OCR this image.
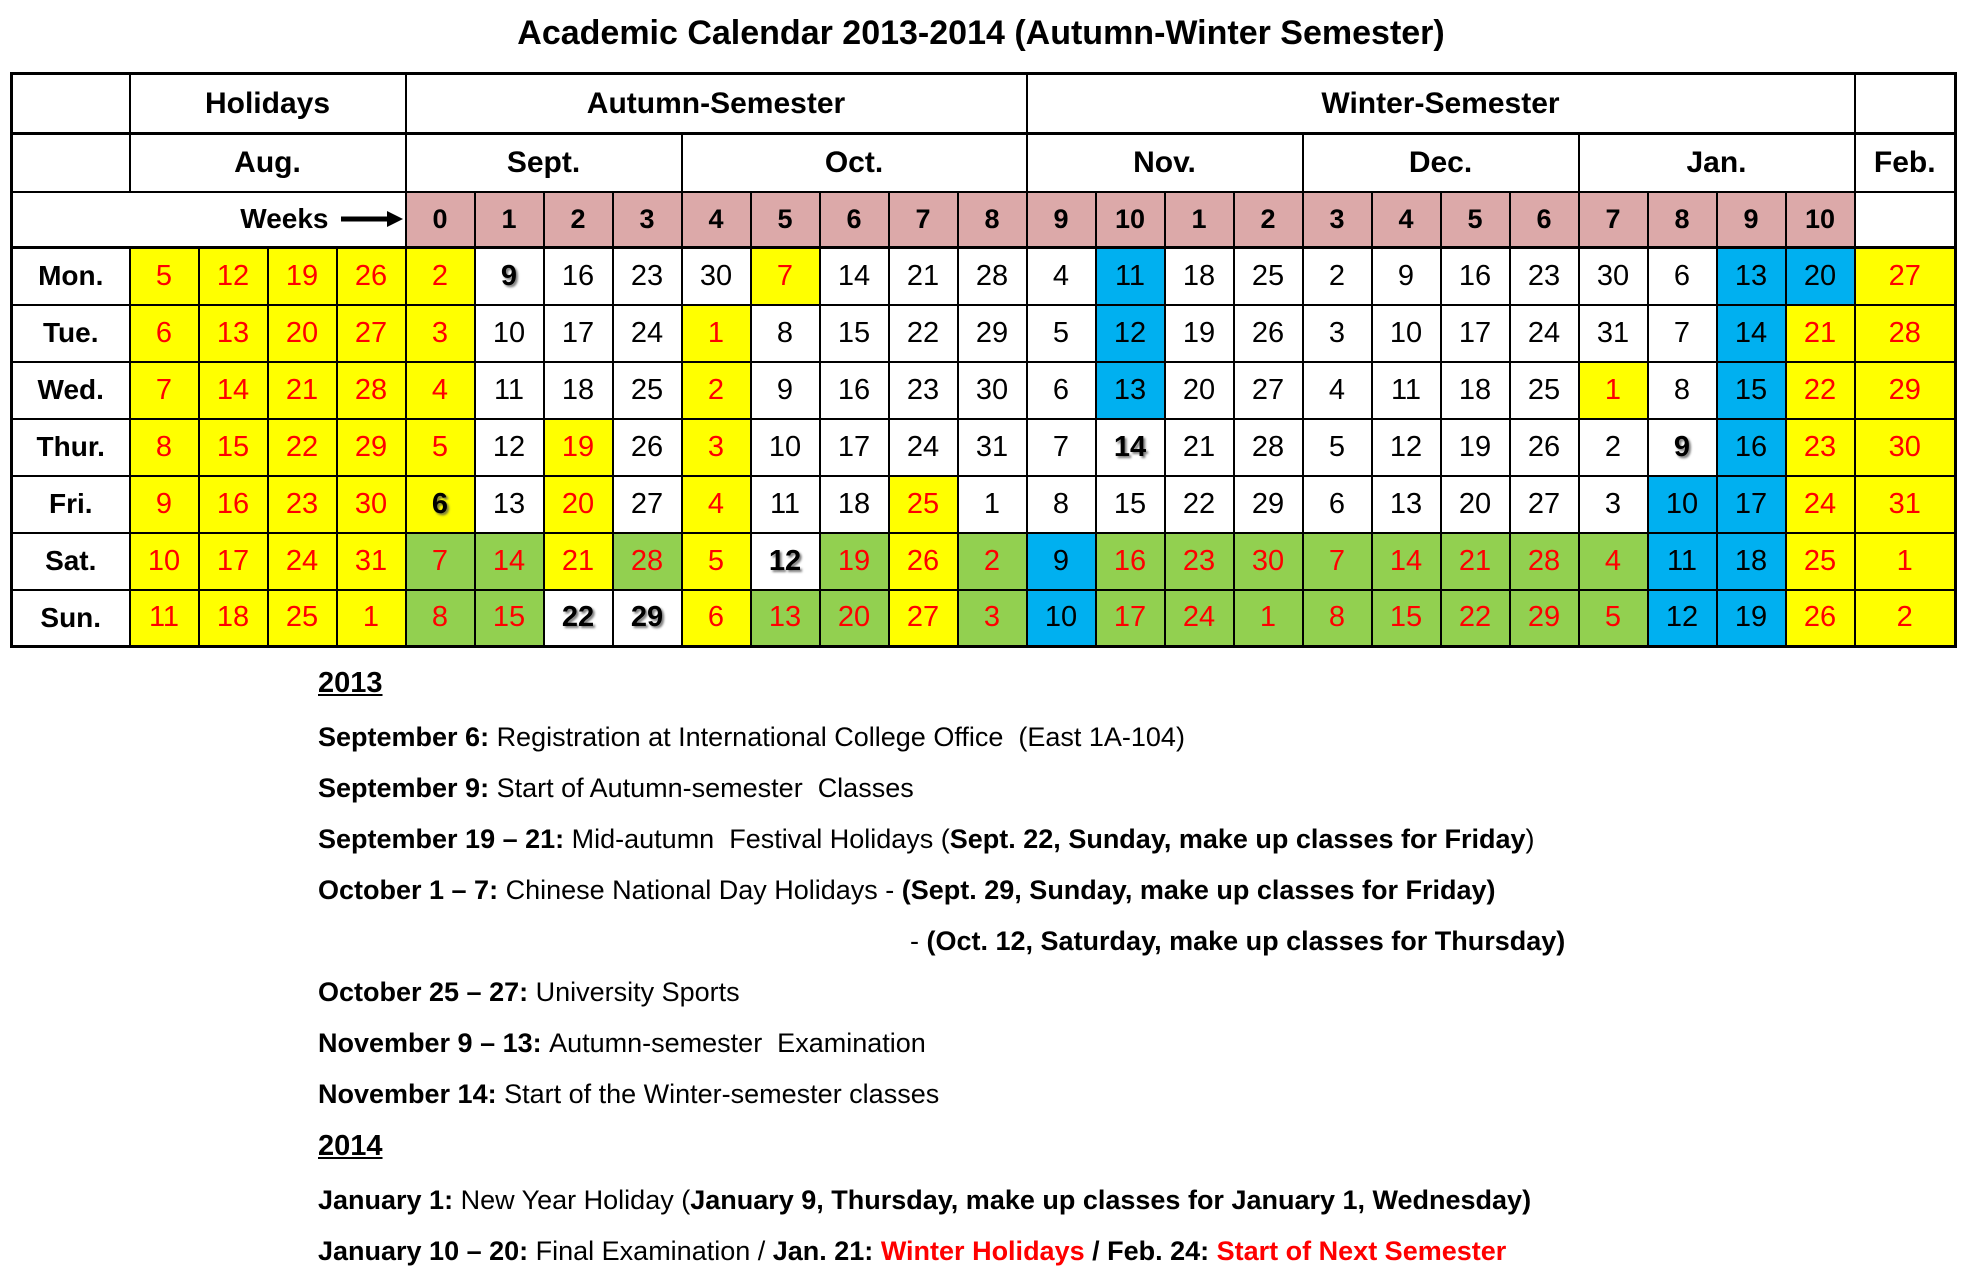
Academic Calendar 2013-2014 (Autumn-Winter Semester)
	Holidays				Autumn-Semester									Winter-Semester												
	Aug.				Sept.				Oct.					Nov.				Dec.				Jan.				Feb.

Weeks					0	1	2	3	4	5	6	7	8	9	10	1	2	3	4	5	6	7	8	9	10	
Mon.	5	12	19	26	2	9	16	23	30	7	14	21	28	4	11	18	25	2	9	16	23	30	6	13	20	27
Tue.	6	13	20	27	3	10	17	24	1	8	15	22	29	5	12	19	26	3	10	17	24	31	7	14	21	28
Wed.	7	14	21	28	4	11	18	25	2	9	16	23	30	6	13	20	27	4	11	18	25	1	8	15	22	29
Thur.	8	15	22	29	5	12	19	26	3	10	17	24	31	7	14	21	28	5	12	19	26	2	9	16	23	30
Fri.	9	16	23	30	6	13	20	27	4	11	18	25	1	8	15	22	29	6	13	20	27	3	10	17	24	31
Sat.	10	17	24	31	7	14	21	28	5	12	19	26	2	9	16	23	30	7	14	21	28	4	11	18	25	1
Sun.	11	18	25	1	8	15	22	29	6	13	20	27	3	10	17	24	1	8	15	22	29	5	12	19	26	2
2013
September 6: Registration at International College Office  (East 1A-104)
September 9: Start of Autumn-semester  Classes
September 19 – 21: Mid-autumn  Festival Holidays (Sept. 22, Sunday, make up classes for Friday)
October 1 – 7: Chinese National Day Holidays - (Sept. 29, Sunday, make up classes for Friday)
- (Oct. 12, Saturday, make up classes for Thursday)
October 25 – 27: University Sports
November 9 – 13: Autumn-semester  Examination
November 14: Start of the Winter-semester classes
2014
January 1: New Year Holiday (January 9, Thursday, make up classes for January 1, Wednesday)
January 10 – 20: Final Examination / Jan. 21: Winter Holidays / Feb. 24: Start of Next Semester
